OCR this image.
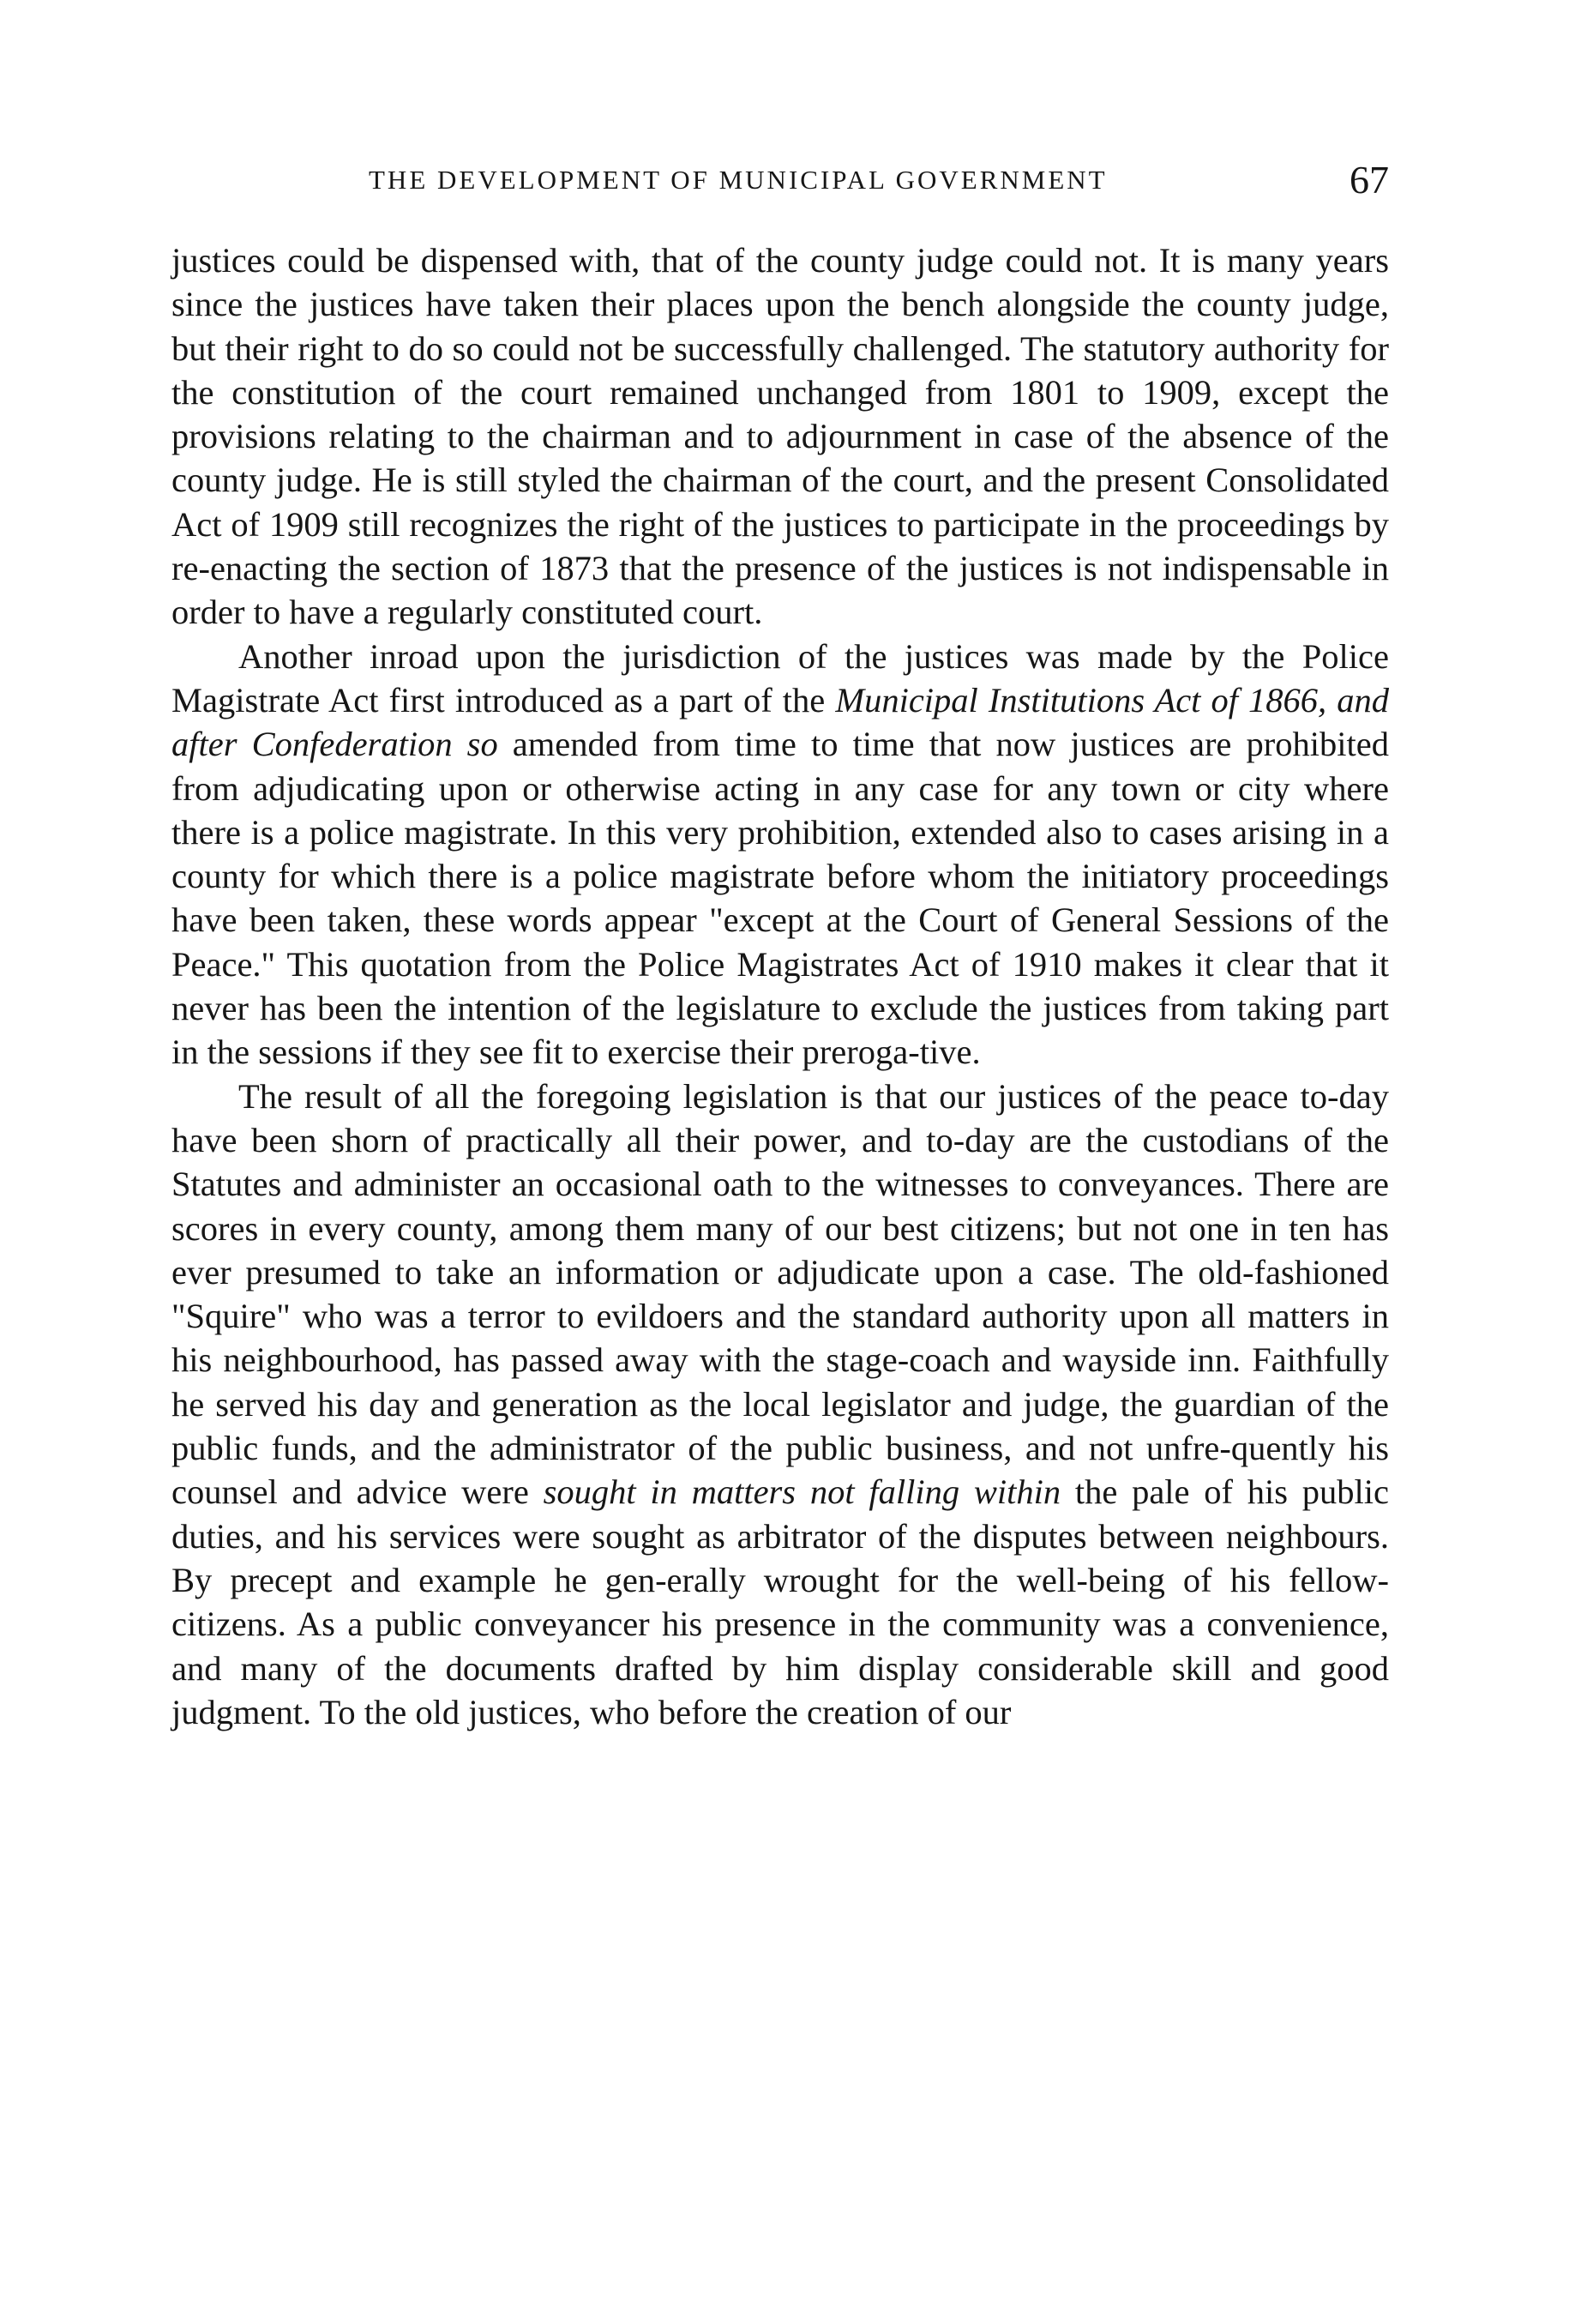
THE DEVELOPMENT OF MUNICIPAL GOVERNMENT	67

justices could be dispensed with, that of the county judge could not. It is many years since the justices have taken their places upon the bench alongside the county judge, but their right to do so could not be successfully challenged. The statutory authority for the constitution of the court remained unchanged from 1801 to 1909, except the provisions relating to the chairman and to adjournment in case of the absence of the county judge. He is still styled the chairman of the court, and the present Consolidated Act of 1909 still recognizes the right of the justices to participate in the proceedings by re-enacting the section of 1873 that the presence of the justices is not indispensable in order to have a regularly constituted court.

Another inroad upon the jurisdiction of the justices was made by the Police Magistrate Act first introduced as a part of the Municipal Institutions Act of 1866, and after Confederation so amended from time to time that now justices are prohibited from adjudicating upon or otherwise acting in any case for any town or city where there is a police magistrate. In this very prohibition, extended also to cases arising in a county for which there is a police magistrate before whom the initiatory proceedings have been taken, these words appear "except at the Court of General Sessions of the Peace." This quotation from the Police Magistrates Act of 1910 makes it clear that it never has been the intention of the legislature to exclude the justices from taking part in the sessions if they see fit to exercise their preroga-tive.

The result of all the foregoing legislation is that our justices of the peace to-day have been shorn of practically all their power, and to-day are the custodians of the Statutes and administer an occasional oath to the witnesses to conveyances. There are scores in every county, among them many of our best citizens; but not one in ten has ever presumed to take an information or adjudicate upon a case. The old-fashioned "Squire" who was a terror to evildoers and the standard authority upon all matters in his neighbourhood, has passed away with the stage-coach and wayside inn. Faithfully he served his day and generation as the local legislator and judge, the guardian of the public funds, and the administrator of the public business, and not unfre-quently his counsel and advice were sought in matters not falling within the pale of his public duties, and his services were sought as arbitrator of the disputes between neighbours. By precept and example he gen-erally wrought for the well-being of his fellow-citizens. As a public conveyancer his presence in the community was a convenience, and many of the documents drafted by him display considerable skill and good judgment. To the old justices, who before the creation of our
